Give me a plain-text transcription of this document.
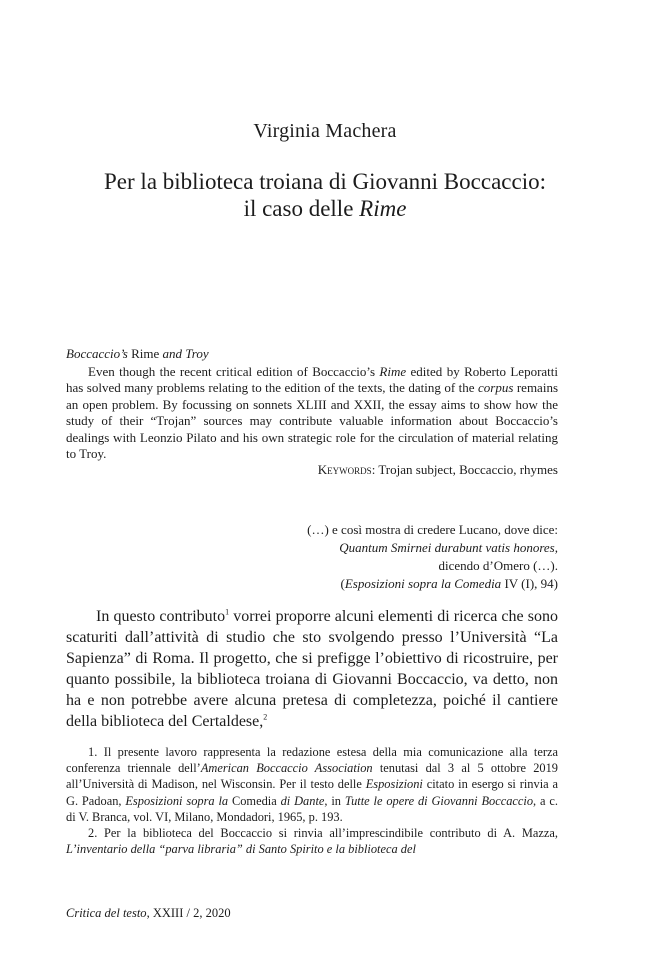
Virginia Machera
Per la biblioteca troiana di Giovanni Boccaccio:
il caso delle Rime
Boccaccio’s Rime and Troy

Even though the recent critical edition of Boccaccio’s Rime edited by Roberto Leporatti has solved many problems relating to the edition of the texts, the dating of the corpus remains an open problem. By focussing on sonnets XLIII and XXII, the essay aims to show how the study of their “Trojan” sources may contribute valuable information about Boccaccio’s dealings with Leonzio Pilato and his own strategic role for the circulation of material relating to Troy.

Keywords: Trojan subject, Boccaccio, rhymes
(…) e così mostra di credere Lucano, dove dice:
Quantum Smirnei durabunt vatis honores,
dicendo d’Omero (…).
(Esposizioni sopra la Comedia IV (I), 94)

In questo contributo$^1$ vorrei proporre alcuni elementi di ricerca che sono scaturiti dall’attività di studio che sto svolgendo presso l’Università “La Sapienza” di Roma. Il progetto, che si prefigge l’obiettivo di ricostruire, per quanto possibile, la biblioteca troiana di Giovanni Boccaccio, va detto, non ha e non potrebbe avere alcuna pretesa di completezza, poiché il cantiere della biblioteca del Certaldese,$^2$

1. Il presente lavoro rappresenta la redazione estesa della mia comunicazione alla terza conferenza triennale dell’American Boccaccio Association tenutasi dal 3 al 5 ottobre 2019 all’Università di Madison, nel Wisconsin. Per il testo delle Esposizioni citato in esergo si rinvia a G. Padoan, Esposizioni sopra la Comedia di Dante, in Tutte le opere di Giovanni Boccaccio, a c. di V. Branca, vol. VI, Milano, Mondadori, 1965, p. 193.

2. Per la biblioteca del Boccaccio si rinvia all’imprescindibile contributo di A. Mazza, L’inventario della “parva libraria” di Santo Spirito e la biblioteca del

Critica del testo, XXIII / 2, 2020
